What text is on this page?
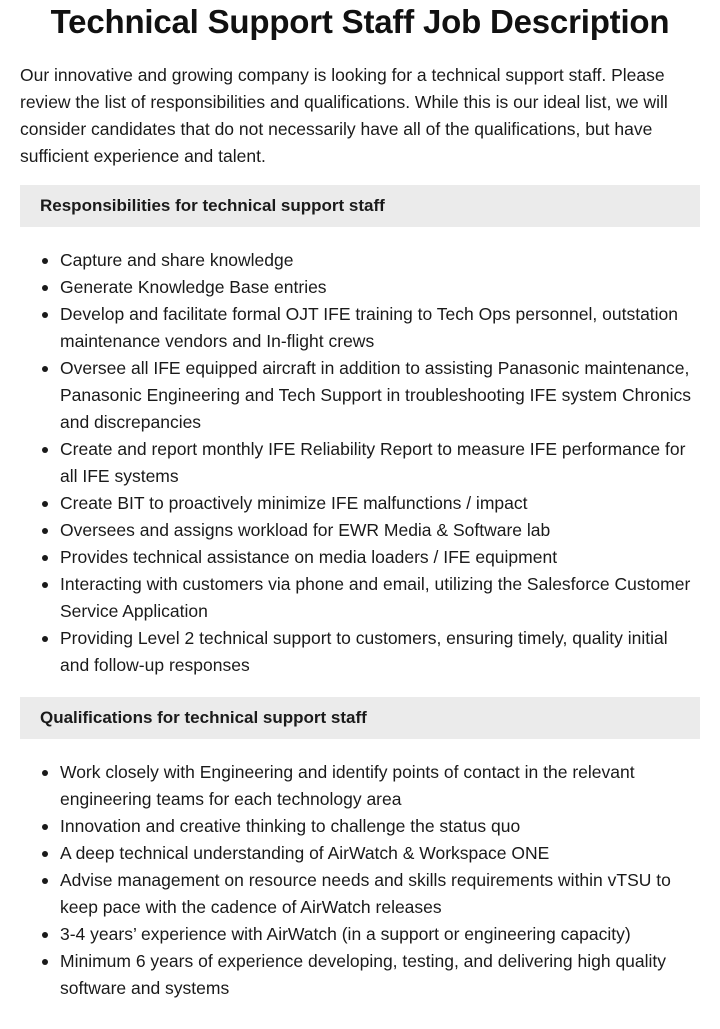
Technical Support Staff Job Description

Our innovative and growing company is looking for a technical support staff. Please review the list of responsibilities and qualifications. While this is our ideal list, we will consider candidates that do not necessarily have all of the qualifications, but have sufficient experience and talent.

Responsibilities for technical support staff
Capture and share knowledge
Generate Knowledge Base entries
Develop and facilitate formal OJT IFE training to Tech Ops personnel, outstation maintenance vendors and In-flight crews
Oversee all IFE equipped aircraft in addition to assisting Panasonic maintenance, Panasonic Engineering and Tech Support in troubleshooting IFE system Chronics and discrepancies
Create and report monthly IFE Reliability Report to measure IFE performance for all IFE systems
Create BIT to proactively minimize IFE malfunctions / impact
Oversees and assigns workload for EWR Media & Software lab
Provides technical assistance on media loaders / IFE equipment
Interacting with customers via phone and email, utilizing the Salesforce Customer Service Application
Providing Level 2 technical support to customers, ensuring timely, quality initial and follow-up responses
Qualifications for technical support staff
Work closely with Engineering and identify points of contact in the relevant engineering teams for each technology area
Innovation and creative thinking to challenge the status quo
A deep technical understanding of AirWatch & Workspace ONE
Advise management on resource needs and skills requirements within vTSU to keep pace with the cadence of AirWatch releases
3-4 years’ experience with AirWatch (in a support or engineering capacity)
Minimum 6 years of experience developing, testing, and delivering high quality software and systems
